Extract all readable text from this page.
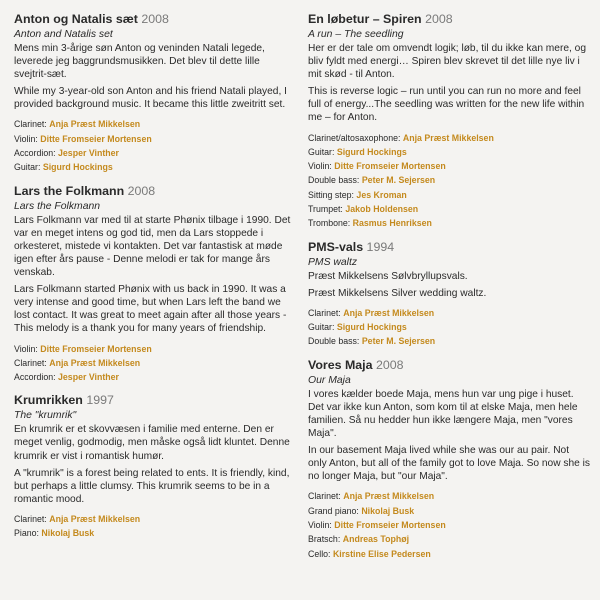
Anton og Natalis sæt 2008
Anton and Natalis set

Mens min 3-årige søn Anton og veninden Natali legede, leverede jeg baggrundsmusikken. Det blev til dette lille svejtrit-sæt.

While my 3-year-old son Anton and his friend Natali played, I provided background music. It became this little zweitritt set.

Clarinet: Anja Præst Mikkelsen
Violin: Ditte Fromseier Mortensen
Accordion: Jesper Vinther
Guitar: Sigurd Hockings
Lars the Folkmann 2008
Lars the Folkmann

Lars Folkmann var med til at starte Phønix tilbage i 1990. Det var en meget intens og god tid, men da Lars stoppede i orkesteret, mistede vi kontakten. Det var fantastisk at møde igen efter års pause - Denne melodi er tak for mange års venskab.

Lars Folkmann started Phønix with us back in 1990. It was a very intense and good time, but when Lars left the band we lost contact. It was great to meet again after all those years - This melody is a thank you for many years of friendship.

Violin: Ditte Fromseier Mortensen
Clarinet: Anja Præst Mikkelsen
Accordion: Jesper Vinther
Krumrikken 1997
The "krumrik"

En krumrik er et skovvæsen i familie med enterne. Den er meget venlig, godmodig, men måske også lidt kluntet. Denne krumrik er vist i romantisk humør.

A "krumrik" is a forest being related to ents. It is friendly, kind, but perhaps a little clumsy. This krumrik seems to be in a romantic mood.

Clarinet: Anja Præst Mikkelsen
Piano: Nikolaj Busk
En løbetur – Spiren 2008
A run – The seedling

Her er der tale om omvendt logik; løb, til du ikke kan mere, og bliv fyldt med energi… Spiren blev skrevet til det lille nye liv i mit skød - til Anton.

This is reverse logic – run until you can run no more and feel full of energy...The seedling was written for the new life within me – for Anton.

Clarinet/altosaxophone: Anja Præst Mikkelsen
Guitar: Sigurd Hockings
Violin: Ditte Fromseier Mortensen
Double bass: Peter M. Sejersen
Sitting step: Jes Kroman
Trumpet: Jakob Holdensen
Trombone: Rasmus Henriksen
PMS-vals 1994
PMS waltz

Præst Mikkelsens Sølvbryllupsvals.

Præst Mikkelsens Silver wedding waltz.

Clarinet: Anja Præst Mikkelsen
Guitar: Sigurd Hockings
Double bass: Peter M. Sejersen
Vores Maja 2008
Our Maja

I vores kælder boede Maja, mens hun var ung pige i huset. Det var ikke kun Anton, som kom til at elske Maja, men hele familien. Så nu hedder hun ikke længere Maja, men "vores Maja".

In our basement Maja lived while she was our au pair. Not only Anton, but all of the family got to love Maja. So now she is no longer Maja, but "our Maja".

Clarinet: Anja Præst Mikkelsen
Grand piano: Nikolaj Busk
Violin: Ditte Fromseier Mortensen
Bratsch: Andreas Tophøj
Cello: Kirstine Elise Pedersen
